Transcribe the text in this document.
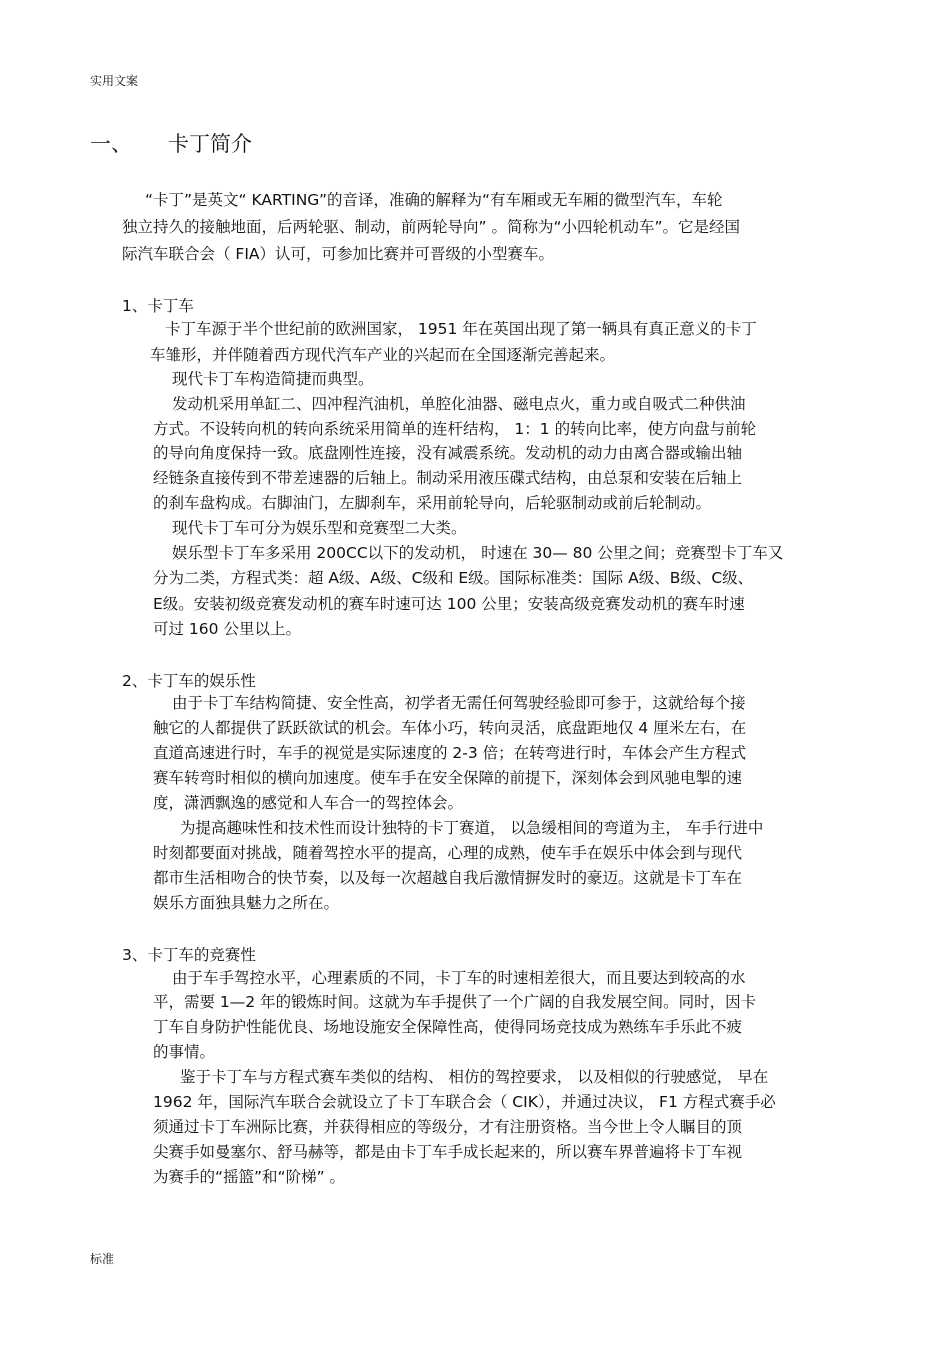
实用文案
一、 卡丁简介
“卡丁”是英文“ KARTING”的音译，准确的解释为“有车厢或无车厢的微型汽车，车轮
独立持久的接触地面，后两轮驱、制动，前两轮导向” 。简称为“小四轮机动车”。它是经国
际汽车联合会（ FIA）认可，可参加比赛并可晋级的小型赛车。
1、卡丁车
卡丁车源于半个世纪前的欧洲国家， 1951 年在英国出现了第一辆具有真正意义的卡丁
车雏形，并伴随着西方现代汽车产业的兴起而在全国逐渐完善起来。
现代卡丁车构造简捷而典型。
发动机采用单缸二、四冲程汽油机，单腔化油器、磁电点火，重力或自吸式二种供油
方式。不设转向机的转向系统采用简单的连杆结构， 1：1 的转向比率，使方向盘与前轮
的导向角度保持一致。底盘刚性连接，没有减震系统。发动机的动力由离合器或输出轴
经链条直接传到不带差速器的后轴上。制动采用液压碟式结构，由总泵和安装在后轴上
的刹车盘构成。右脚油门，左脚刹车，采用前轮导向，后轮驱制动或前后轮制动。
现代卡丁车可分为娱乐型和竞赛型二大类。
娱乐型卡丁车多采用 200CC以下的发动机， 时速在 30— 80 公里之间；竞赛型卡丁车又
分为二类，方程式类：超 A级、A级、C级和 E级。国际标准类：国际 A级、B级、C级、
E级。安装初级竞赛发动机的赛车时速可达 100 公里；安装高级竞赛发动机的赛车时速
可过 160 公里以上。
2、卡丁车的娱乐性
由于卡丁车结构简捷、安全性高，初学者无需任何驾驶经验即可参于，这就给每个接
触它的人都提供了跃跃欲试的机会。车体小巧，转向灵活，底盘距地仅 4 厘米左右，在
直道高速进行时，车手的视觉是实际速度的 2-3 倍；在转弯进行时，车体会产生方程式
赛车转弯时相似的横向加速度。使车手在安全保障的前提下，深刻体会到风驰电掣的速
度，潇洒飘逸的感觉和人车合一的驾控体会。
为提高趣味性和技术性而设计独特的卡丁赛道， 以急缓相间的弯道为主， 车手行进中
时刻都要面对挑战，随着驾控水平的提高，心理的成熟，使车手在娱乐中体会到与现代
都市生活相吻合的快节奏，以及每一次超越自我后激情摒发时的豪迈。这就是卡丁车在
娱乐方面独具魅力之所在。
3、卡丁车的竞赛性
由于车手驾控水平，心理素质的不同，卡丁车的时速相差很大，而且要达到较高的水
平，需要 1—2 年的锻炼时间。这就为车手提供了一个广阔的自我发展空间。同时，因卡
丁车自身防护性能优良、场地设施安全保障性高，使得同场竞技成为熟练车手乐此不疲
的事情。
鉴于卡丁车与方程式赛车类似的结构、 相仿的驾控要求， 以及相似的行驶感觉， 早在
1962 年，国际汽车联合会就设立了卡丁车联合会（ CIK），并通过决议， F1 方程式赛手必
须通过卡丁车洲际比赛，并获得相应的等级分，才有注册资格。当今世上令人瞩目的顶
尖赛手如曼塞尔、舒马赫等，都是由卡丁车手成长起来的，所以赛车界普遍将卡丁车视
为赛手的“摇篮”和“阶梯” 。
标准
